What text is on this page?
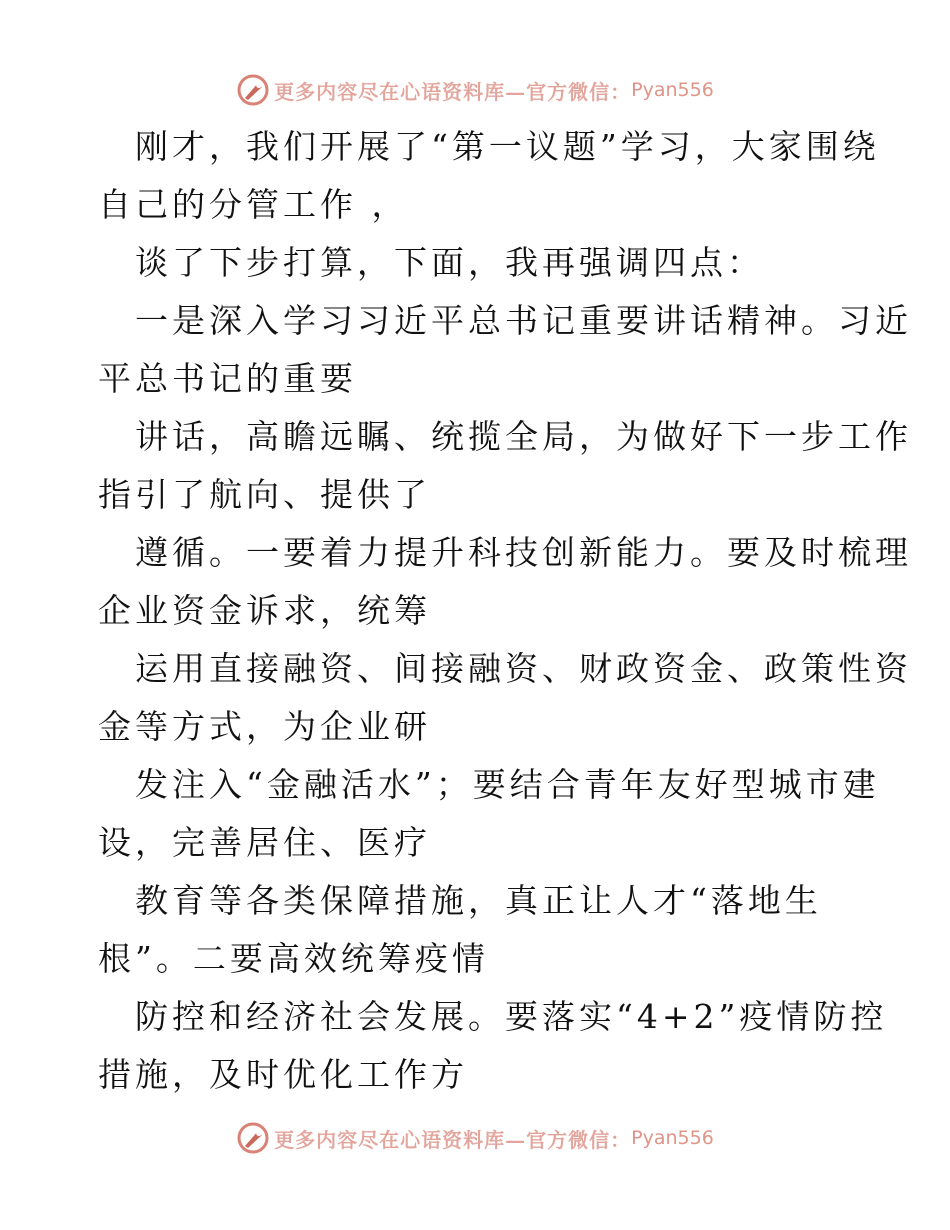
更多内容尽在心语资料库—官方微信： Pyan556
刚才，我们开展了“第一议题”学习，大家围绕
自己的分管工作 ，
谈了下步打算，下面，我再强调四点：
一是深入学习习近平总书记重要讲话精神。习近
平总书记的重要
讲话，高瞻远瞩、统揽全局，为做好下一步工作
指引了航向、提供了
遵循。一要着力提升科技创新能力。要及时梳理
企业资金诉求，统筹
运用直接融资、间接融资、财政资金、政策性资
金等方式，为企业研
发注入“金融活水”；要结合青年友好型城市建
设，完善居住、医疗
教育等各类保障措施，真正让人才“落地生
根”。二要高效统筹疫情
防控和经济社会发展。要落实“4+2”疫情防控
措施，及时优化工作方
更多内容尽在心语资料库—官方微信： Pyan556
